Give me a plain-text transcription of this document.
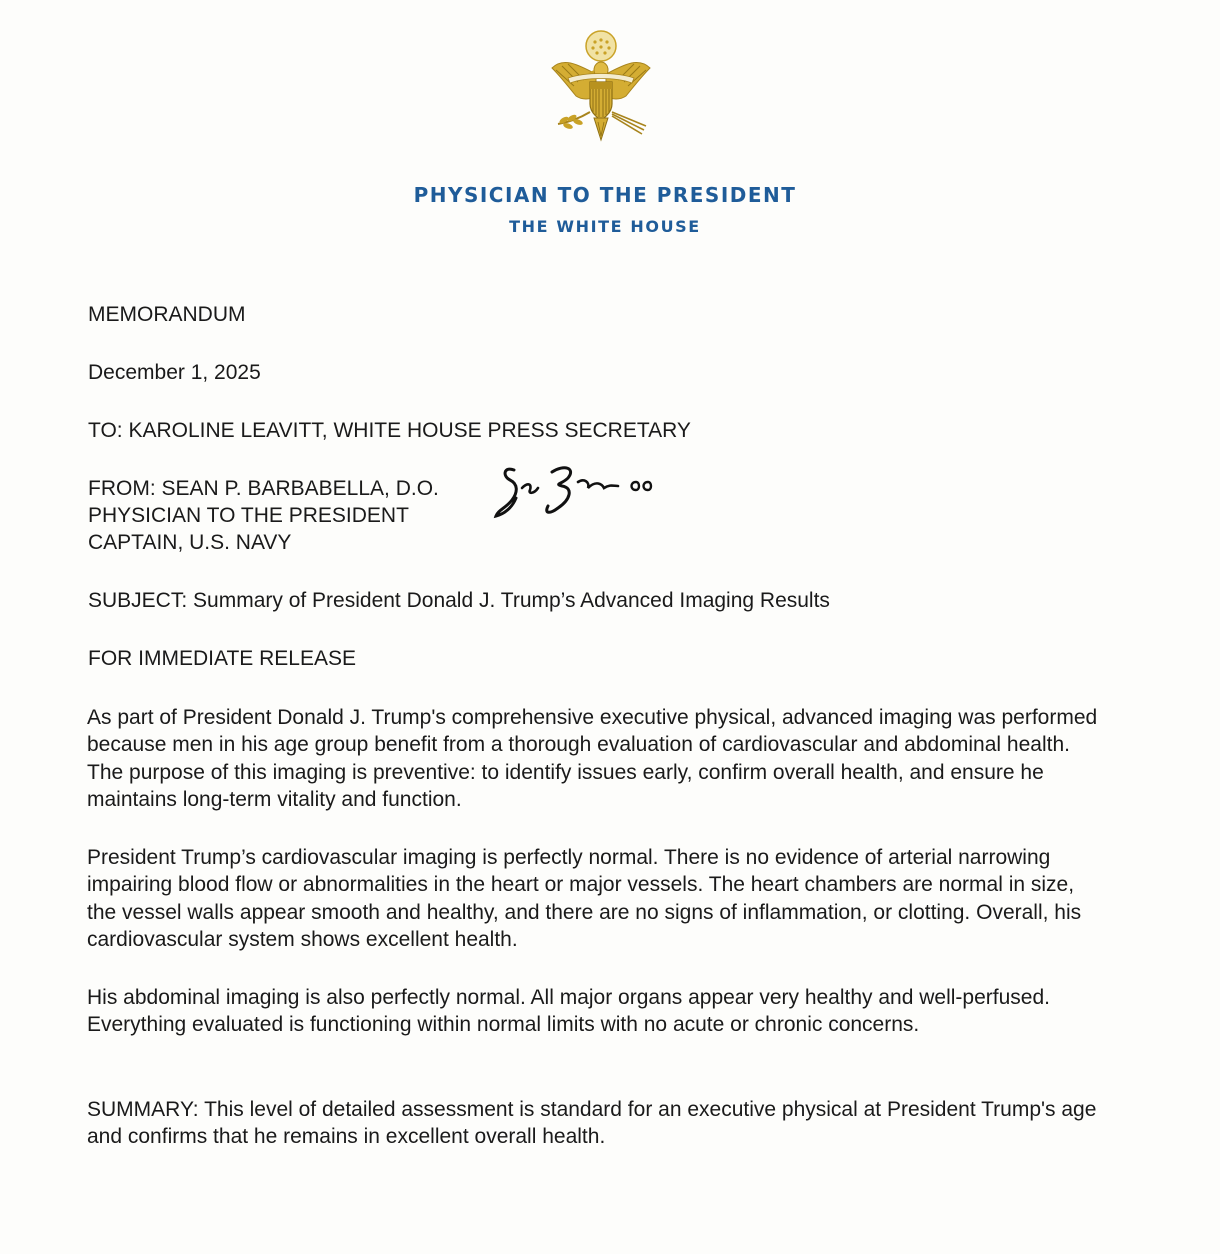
PHYSICIAN TO THE PRESIDENT
THE WHITE HOUSE
MEMORANDUM
December 1, 2025
TO: KAROLINE LEAVITT, WHITE HOUSE PRESS SECRETARY
FROM: SEAN P. BARBABELLA, D.O.
PHYSICIAN TO THE PRESIDENT
CAPTAIN, U.S. NAVY
SUBJECT: Summary of President Donald J. Trump’s Advanced Imaging Results
FOR IMMEDIATE RELEASE
As part of President Donald J. Trump's comprehensive executive physical, advanced imaging was performed because men in his age group benefit from a thorough evaluation of cardiovascular and abdominal health. The purpose of this imaging is preventive: to identify issues early, confirm overall health, and ensure he maintains long-term vitality and function.
President Trump’s cardiovascular imaging is perfectly normal. There is no evidence of arterial narrowing impairing blood flow or abnormalities in the heart or major vessels. The heart chambers are normal in size, the vessel walls appear smooth and healthy, and there are no signs of inflammation, or clotting. Overall, his cardiovascular system shows excellent health.
His abdominal imaging is also perfectly normal. All major organs appear very healthy and well-perfused. Everything evaluated is functioning within normal limits with no acute or chronic concerns.
SUMMARY: This level of detailed assessment is standard for an executive physical at President Trump's age and confirms that he remains in excellent overall health.
